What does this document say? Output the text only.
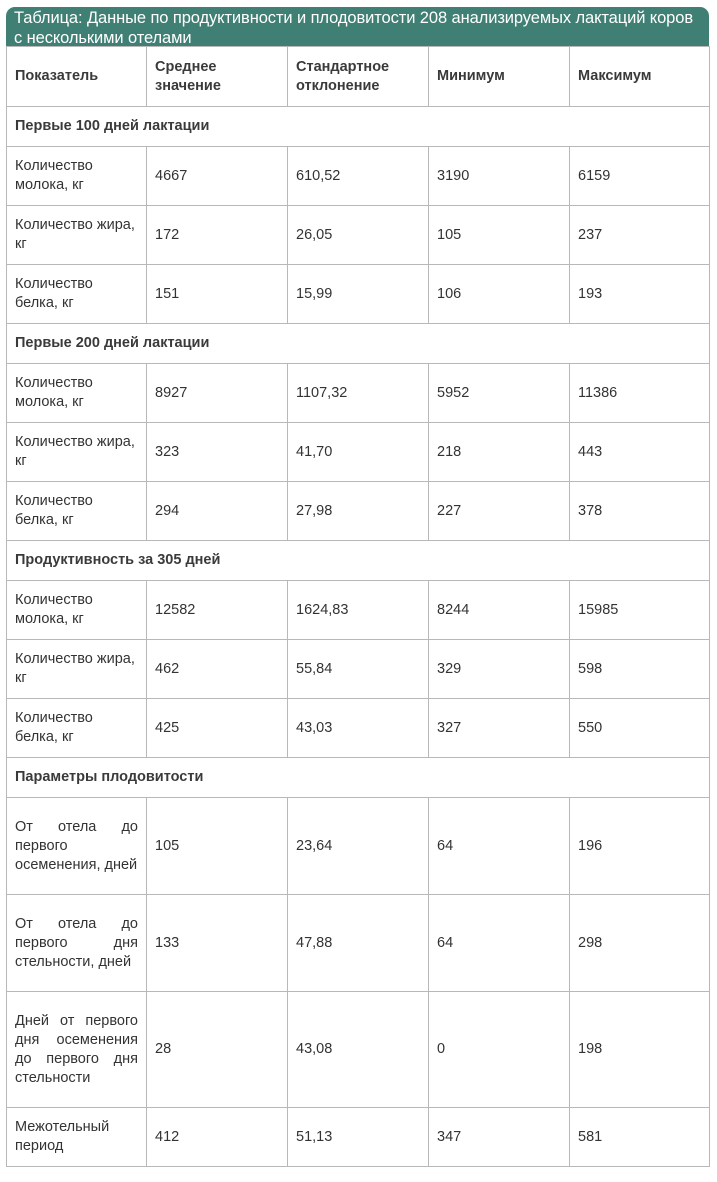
Таблица: Данные по продуктивности и плодовитости 208 анализируемых лактаций коров с несколькими отелами
Показатель	Среднее значение	Стандартное отклонение	Минимум	Максимум
Первые 100 дней лактации				
Количество молока, кг	4667	610,52	3190	6159
Количество жира, кг	172	26,05	105	237
Количество белка, кг	151	15,99	106	193
Первые 200 дней лактации				
Количество молока, кг	8927	1107,32	5952	11386
Количество жира, кг	323	41,70	218	443
Количество белка, кг	294	27,98	227	378
Продуктивность за 305 дней				
Количество молока, кг	12582	1624,83	8244	15985
Количество жира, кг	462	55,84	329	598
Количество белка, кг	425	43,03	327	550
Параметры плодовитости				
От отела до первого осеменения, дней	105	23,64	64	196
От отела до первого дня стельности, дней	133	47,88	64	298
Дней от первого дня осеменения до первого дня стельности	28	43,08	0	198
Межотельный период	412	51,13	347	581
